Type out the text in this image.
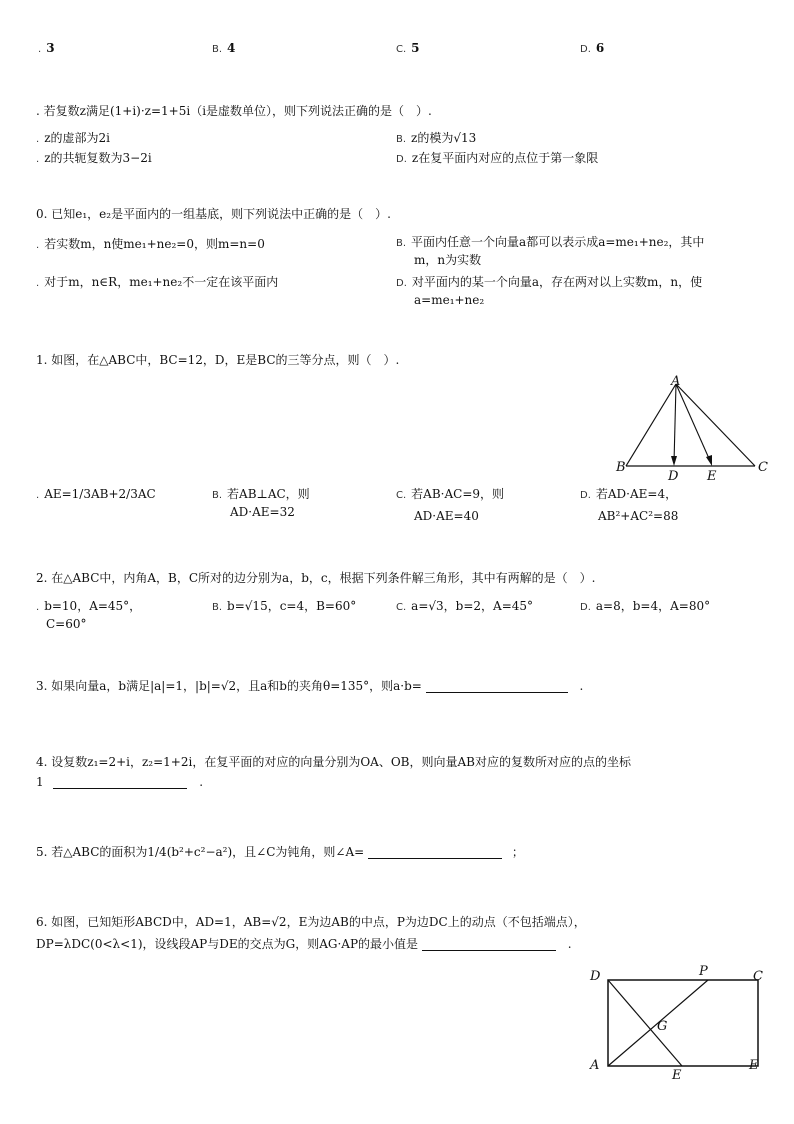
. 3	B. 4	C. 5	D. 6
. 若复数z满足(1+i)·z=1+5i（i是虚数单位），则下列说法正确的是（　）.
. z的虚部为2i	B. z的模为√13
. z的共轭复数为3−2i	D. z在复平面内对应的点位于第一象限
0. 已知e₁，e₂是平面内的一组基底，则下列说法中正确的是（　）.
. 若实数m，n使me₁+ne₂=0，则m=n=0	B. 平面内任意一个向量a都可以表示成a=me₁+ne₂，其中
m，n为实数
. 对于m，n∈R，me₁+ne₂不一定在该平面内	D. 对平面内的某一个向量a，存在两对以上实数m，n，使
a=me₁+ne₂
1. 如图，在△ABC中，BC=12，D，E是BC的三等分点，则（　）.
A
B
D E
C
. AE=1/3AB+2/3AC	B. 若AB⊥AC，则
AD·AE=32
C. 若AB·AC=9，则
AD·AE=40
D. 若AD·AE=4，
AB²+AC²=88
2. 在△ABC中，内角A，B，C所对的边分别为a，b，c，根据下列条件解三角形，其中有两解的是（　）.
. b=10，A=45°，
C=60°
B. b=√15，c=4，B=60°	C. a=√3，b=2，A=45°	D. a=8，b=4，A=80°
3. 如果向量a，b满足|a|=1，|b|=√2，且a和b的夹角θ=135°，则a·b=	.
4. 设复数z₁=2+i，z₂=1+2i，在复平面的对应的向量分别为OA、OB，则向量AB对应的复数所对应的点的坐标
1	.
5. 若△ABC的面积为1/4(b²+c²−a²)，且∠C为钝角，则∠A=	；
6. 如图，已知矩形ABCD中，AD=1，AB=√2，E为边AB的中点，P为边DC上的动点（不包括端点），
DP=λDC(0<λ<1)，设线段AP与DE的交点为G，则AG·AP的最小值是	.
D	P	C
G
A
E
E
